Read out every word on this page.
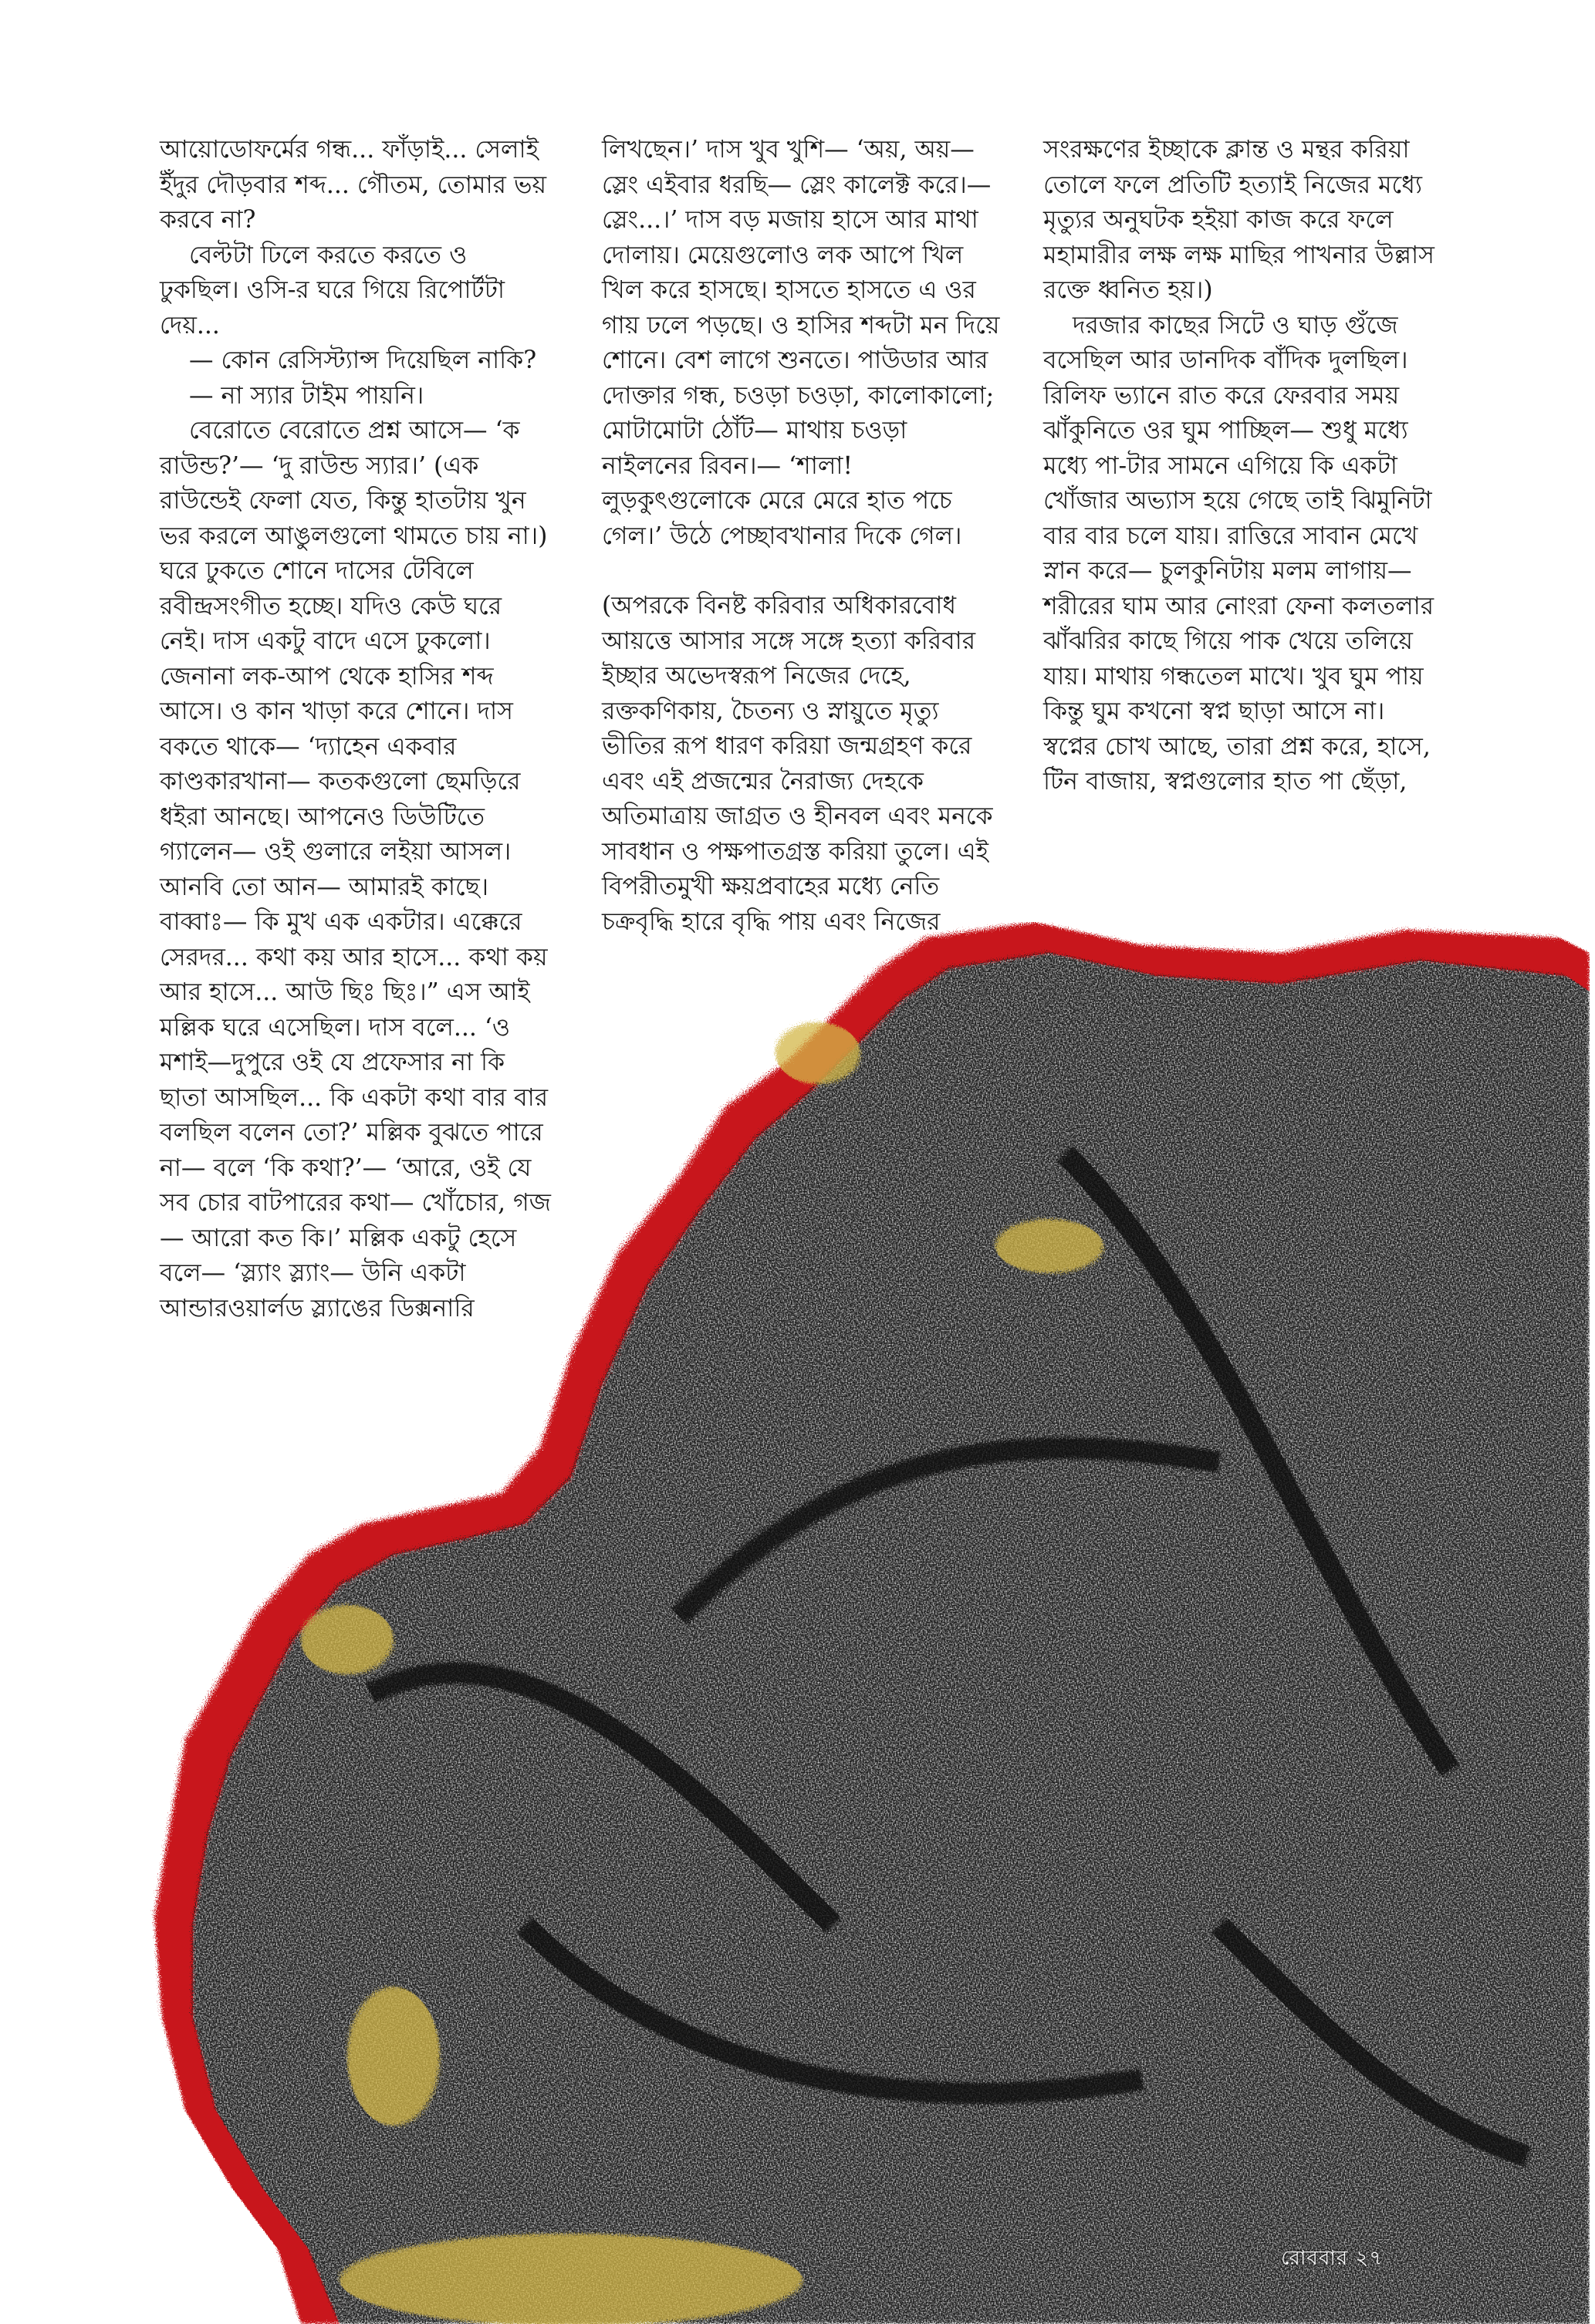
আয়োডোফর্মের গন্ধ... ফাঁড়াই... সেলাই ইঁদুর দৌড়বার শব্দ... গৌতম, তোমার ভয় করবে না?

বেল্টটা ঢিলে করতে করতে ও ঢুকছিল। ওসি-র ঘরে গিয়ে রিপোর্টটা দেয়...

— কোন রেসিস্ট্যান্স দিয়েছিল নাকি?

— না স্যার টাইম পায়নি।

বেরোতে বেরোতে প্রশ্ন আসে— ‘ক রাউন্ড?’— ‘দু রাউন্ড স্যার।’ (এক রাউন্ডেই ফেলা যেত, কিন্তু হাতটায় খুন ভর করলে আঙুলগুলো থামতে চায় না।) ঘরে ঢুকতে শোনে দাসের টেবিলে রবীন্দ্রসংগীত হচ্ছে। যদিও কেউ ঘরে নেই। দাস একটু বাদে এসে ঢুকলো। জেনানা লক-আপ থেকে হাসির শব্দ আসে। ও কান খাড়া করে শোনে। দাস বকতে থাকে— ‘দ্যাহেন একবার কাণ্ডকারখানা— কতকগুলো ছেমড়িরে ধইরা আনছে। আপনেও ডিউটিতে গ্যালেন— ওই গুলারে লইয়া আসল। আনবি তো আন— আমারই কাছে। বাব্বাঃ— কি মুখ এক একটার। এক্কেরে সেরদর... কথা কয় আর হাসে... কথা কয় আর হাসে... আউ ছিঃ ছিঃ।” এস আই মল্লিক ঘরে এসেছিল। দাস বলে... ‘ও মশাই—দুপুরে ওই যে প্রফেসার না কি ছাতা আসছিল... কি একটা কথা বার বার বলছিল বলেন তো?’ মল্লিক বুঝতে পারে না— বলে ‘কি কথা?’— ‘আরে, ওই যে সব চোর বাটপারের কথা— খোঁচোর, গজ— আরো কত কি।’ মল্লিক একটু হেসে বলে— ‘স্ল্যাং স্ল্যাং— উনি একটা আন্ডারওয়ার্লড স্ল্যাঙের ডিক্সনারি

লিখছেন।’ দাস খুব খুশি— ‘অয়, অয়— স্লেং এইবার ধরছি— স্লেং কালেক্ট করে।— স্লেং...।’ দাস বড় মজায় হাসে আর মাথা দোলায়। মেয়েগুলোও লক আপে খিল খিল করে হাসছে। হাসতে হাসতে এ ওর গায় ঢলে পড়ছে। ও হাসির শব্দটা মন দিয়ে শোনে। বেশ লাগে শুনতে। পাউডার আর দোক্তার গন্ধ, চওড়া চওড়া, কালোকালো; মোটামোটা ঠোঁট— মাথায় চওড়া নাইলনের রিবন।— ‘শালা! লুড়কুৎগুলোকে মেরে মেরে হাত পচে গেল।’ উঠে পেচ্ছাবখানার দিকে গেল।

(অপরকে বিনষ্ট করিবার অধিকারবোধ আয়ত্তে আসার সঙ্গে সঙ্গে হত্যা করিবার ইচ্ছার অভেদস্বরূপ নিজের দেহে, রক্তকণিকায়, চৈতন্য ও স্নায়ুতে মৃত্যু ভীতির রূপ ধারণ করিয়া জন্মগ্রহণ করে এবং এই প্রজন্মের নৈরাজ্য দেহকে অতিমাত্রায় জাগ্রত ও হীনবল এবং মনকে সাবধান ও পক্ষপাতগ্রস্ত করিয়া তুলে। এই বিপরীতমুখী ক্ষয়প্রবাহের মধ্যে নেতি চক্রবৃদ্ধি হারে বৃদ্ধি পায় এবং নিজের

সংরক্ষণের ইচ্ছাকে ক্লান্ত ও মন্থর করিয়া তোলে ফলে প্রতিটি হত্যাই নিজের মধ্যে মৃত্যুর অনুঘটক হইয়া কাজ করে ফলে মহামারীর লক্ষ লক্ষ মাছির পাখনার উল্লাস রক্তে ধ্বনিত হয়।)

দরজার কাছের সিটে ও ঘাড় গুঁজে বসেছিল আর ডানদিক বাঁদিক দুলছিল। রিলিফ ভ্যানে রাত করে ফেরবার সময় ঝাঁকুনিতে ওর ঘুম পাচ্ছিল— শুধু মধ্যে মধ্যে পা-টার সামনে এগিয়ে কি একটা খোঁজার অভ্যাস হয়ে গেছে তাই ঝিমুনিটা বার বার চলে যায়। রাত্তিরে সাবান মেখে স্নান করে— চুলকুনিটায় মলম লাগায়— শরীরের ঘাম আর নোংরা ফেনা কলতলার ঝাঁঝরির কাছে গিয়ে পাক খেয়ে তলিয়ে যায়। মাথায় গন্ধতেল মাখে। খুব ঘুম পায় কিন্তু ঘুম কখনো স্বপ্ন ছাড়া আসে না। স্বপ্নের চোখ আছে, তারা প্রশ্ন করে, হাসে, টিন বাজায়, স্বপ্নগুলোর হাত পা ছেঁড়া,

রোববার ২৭
